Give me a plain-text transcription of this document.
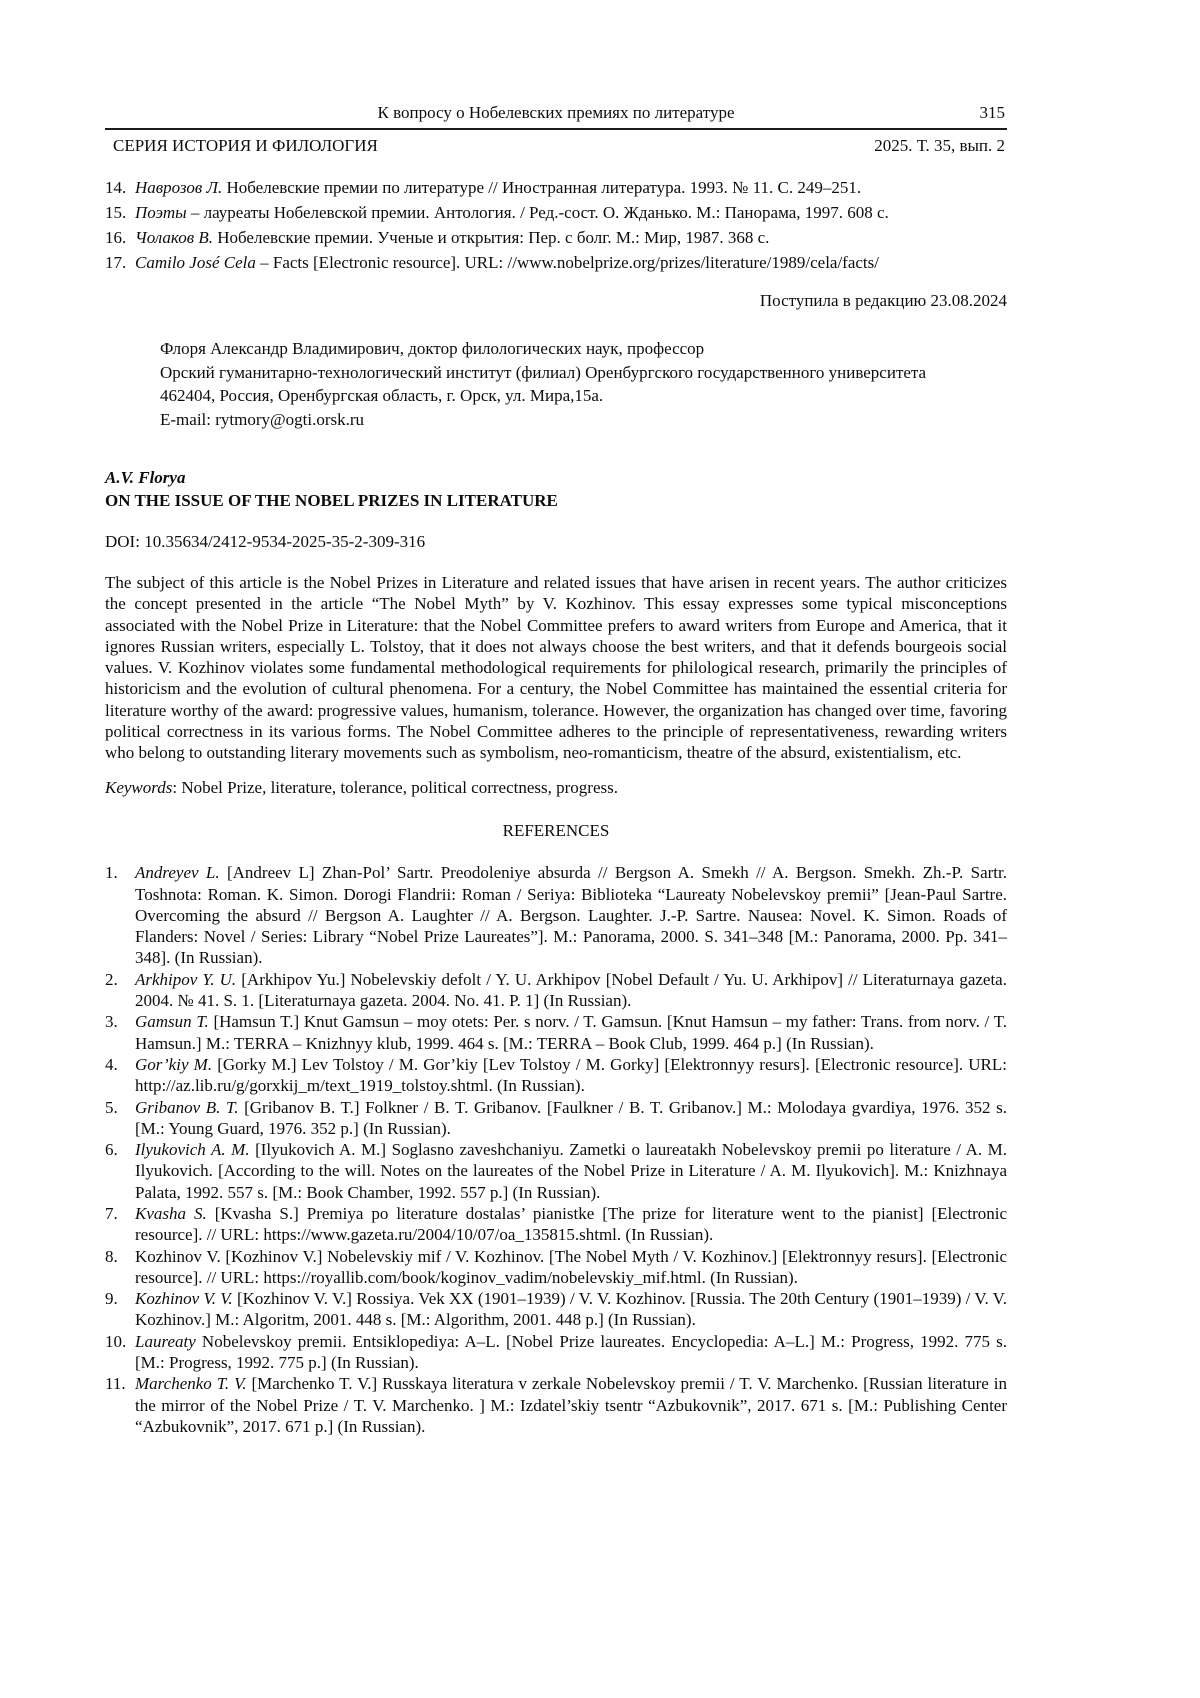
К вопросу о Нобелевских премиях по литературе	315
СЕРИЯ ИСТОРИЯ И ФИЛОЛОГИЯ	2025. Т. 35, вып. 2
14. Наврозов Л. Нобелевские премии по литературе // Иностранная литература. 1993. № 11. С. 249–251.
15. Поэты – лауреаты Нобелевской премии. Антология. / Ред.-сост. О. Жданько. М.: Панорама, 1997. 608 с.
16. Чолаков В. Нобелевские премии. Ученые и открытия: Пер. с болг. М.: Мир, 1987. 368 с.
17. Camilo José Cela – Facts [Electronic resource]. URL: //www.nobelprize.org/prizes/literature/1989/cela/facts/

Поступила в редакцию 23.08.2024

Флоря Александр Владимирович, доктор филологических наук, профессор
Орский гуманитарно-технологический институт (филиал) Оренбургского государственного университета
462404, Россия, Оренбургская область, г. Орск, ул. Мира,15а.
E-mail: rytmory@ogti.orsk.ru
A.V. Florya
ON THE ISSUE OF THE NOBEL PRIZES IN LITERATURE

DOI: 10.35634/2412-9534-2025-35-2-309-316

The subject of this article is the Nobel Prizes in Literature and related issues that have arisen in recent years. The author criticizes the concept presented in the article “The Nobel Myth” by V. Kozhinov. This essay expresses some typical misconceptions associated with the Nobel Prize in Literature: that the Nobel Committee prefers to award writers from Europe and America, that it ignores Russian writers, especially L. Tolstoy, that it does not always choose the best writers, and that it defends bourgeois social values. V. Kozhinov violates some fundamental methodological requirements for philological research, primarily the principles of historicism and the evolution of cultural phenomena. For a century, the Nobel Committee has maintained the essential criteria for literature worthy of the award: progressive values, humanism, tolerance. However, the organization has changed over time, favoring political correctness in its various forms. The Nobel Committee adheres to the principle of representativeness, rewarding writers who belong to outstanding literary movements such as symbolism, neo-romanticism, theatre of the absurd, existentialism, etc.

Keywords: Nobel Prize, literature, tolerance, political correctness, progress.

REFERENCES
1.	Andreyev L. [Andreev L] Zhan-Pol’ Sartr. Preodoleniye absurda // Bergson A. Smekh // A. Bergson. Smekh. Zh.-P. Sartr. Toshnota: Roman. K. Simon. Dorogi Flandrii: Roman / Seriya: Biblioteka “Laureaty Nobelevskoy premii” [Jean-Paul Sartre. Overcoming the absurd // Bergson A. Laughter // A. Bergson. Laughter. J.-P. Sartre. Nausea: Novel. K. Simon. Roads of Flanders: Novel / Series: Library “Nobel Prize Laureates”]. M.: Panorama, 2000. S. 341–348 [M.: Panorama, 2000. Pp. 341–348]. (In Russian).
2.	Arkhipov Y. U. [Arkhipov Yu.] Nobelevskiy defolt / Y. U. Arkhipov [Nobel Default / Yu. U. Arkhipov] // Literaturnaya gazeta. 2004. № 41. S. 1. [Literaturnaya gazeta. 2004. No. 41. P. 1] (In Russian).
3.	Gamsun T. [Hamsun T.] Knut Gamsun – moy otets: Per. s norv. / T. Gamsun. [Knut Hamsun – my father: Trans. from norv. / T. Hamsun.] M.: TERRA – Knizhnyy klub, 1999. 464 s. [M.: TERRA – Book Club, 1999. 464 p.] (In Russian).
4.	Gor’kiy M. [Gorky M.] Lev Tolstoy / M. Gor’kiy [Lev Tolstoy / M. Gorky] [Elektronnyy resurs]. [Electronic resource]. URL: http://az.lib.ru/g/gorxkij_m/text_1919_tolstoy.shtml. (In Russian).
5.	Gribanov B. T. [Gribanov B. T.] Folkner / B. T. Gribanov. [Faulkner / B. T. Gribanov.] M.: Molodaya gvardiya, 1976. 352 s. [M.: Young Guard, 1976. 352 p.] (In Russian).
6.	Ilyukovich A. M. [Ilyukovich A. M.] Soglasno zaveshchaniyu. Zametki o laureatakh Nobelevskoy premii po literature / A. M. Ilyukovich. [According to the will. Notes on the laureates of the Nobel Prize in Literature / A. M. Ilyukovich]. M.: Knizhnaya Palata, 1992. 557 s. [M.: Book Chamber, 1992. 557 p.] (In Russian).
7.	Kvasha S. [Kvasha S.] Premiya po literature dostalas’ pianistke [The prize for literature went to the pianist] [Electronic resource]. // URL: https://www.gazeta.ru/2004/10/07/oa_135815.shtml. (In Russian).
8.	Kozhinov V. [Kozhinov V.] Nobelevskiy mif / V. Kozhinov. [The Nobel Myth / V. Kozhinov.] [Elektronnyy resurs]. [Electronic resource]. // URL: https://royallib.com/book/koginov_vadim/nobelevskiy_mif.html. (In Russian).
9.	Kozhinov V. V. [Kozhinov V. V.] Rossiya. Vek XX (1901–1939) / V. V. Kozhinov. [Russia. The 20th Century (1901–1939) / V. V. Kozhinov.] M.: Algoritm, 2001. 448 s. [M.: Algorithm, 2001. 448 p.] (In Russian).
10. Laureaty Nobelevskoy premii. Entsiklopediya: A–L. [Nobel Prize laureates. Encyclopedia: A–L.] M.: Progress, 1992. 775 s. [M.: Progress, 1992. 775 p.] (In Russian).
11. Marchenko T. V. [Marchenko T. V.] Russkaya literatura v zerkale Nobelevskoy premii / T. V. Marchenko. [Russian literature in the mirror of the Nobel Prize / T. V. Marchenko. ] M.: Izdatel’skiy tsentr “Azbukovnik”, 2017. 671 s. [M.: Publishing Center “Azbukovnik”, 2017. 671 p.] (In Russian).
